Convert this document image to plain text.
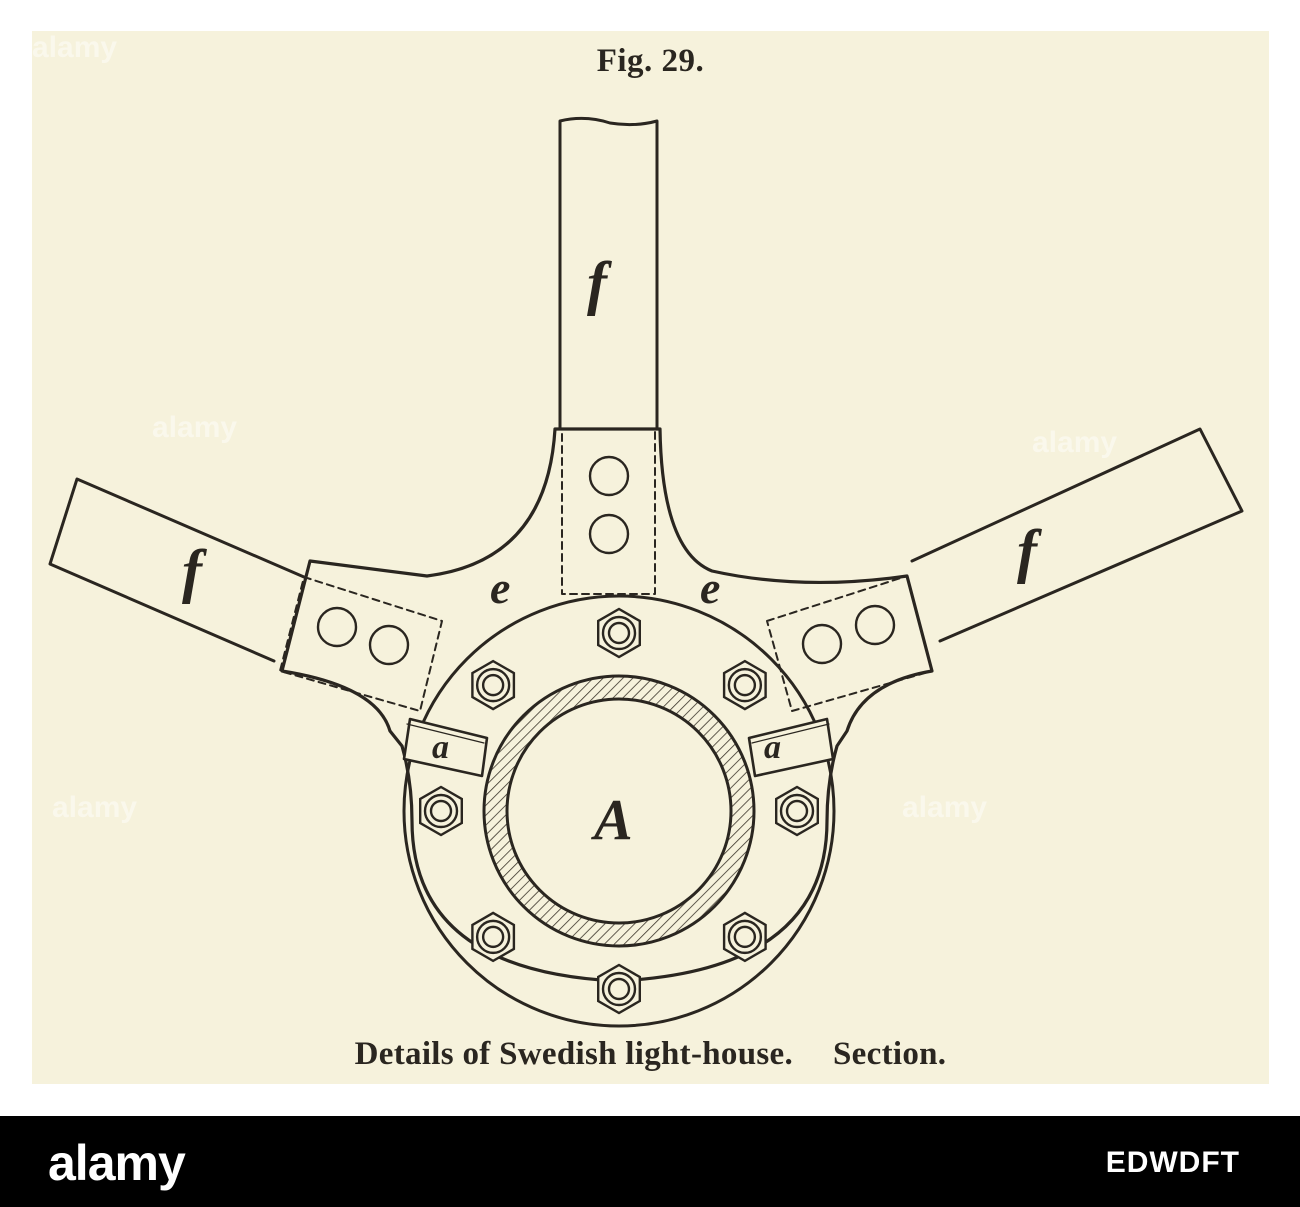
Fig. 29.
f
f	f
e	e
a	a
A
Details of Swedish light-house. Section.
alamy
alamy	alamy
alamy
alamy
alamy	EDWDFT
